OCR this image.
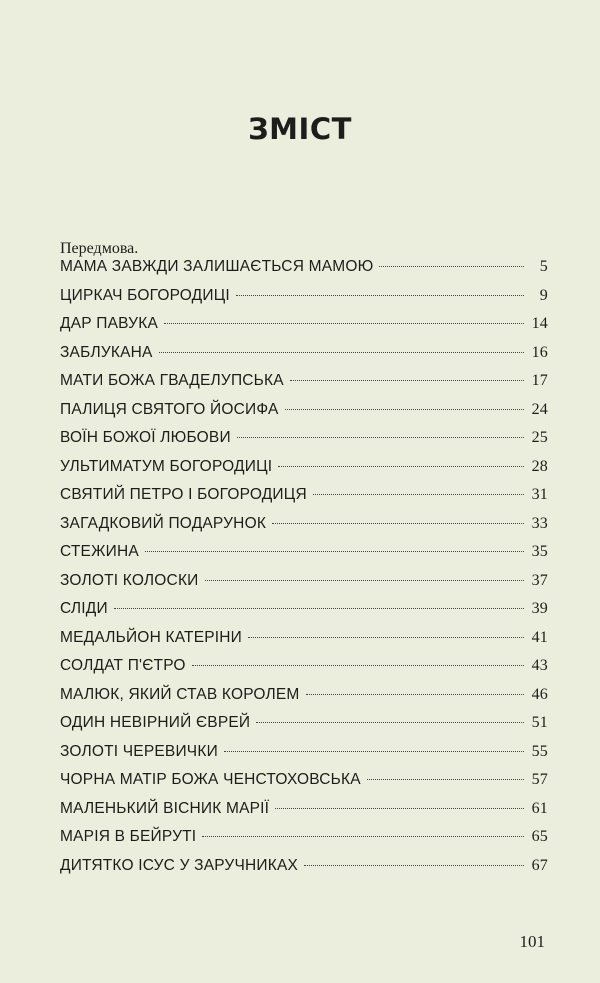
ЗМІСТ
Передмова.
МАМА ЗАВЖДИ ЗАЛИШАЄТЬСЯ МАМОЮ	5
ЦИРКАЧ БОГОРОДИЦІ	9
ДАР ПАВУКА	14
ЗАБЛУКАНА	16
МАТИ БОЖА ГВАДЕЛУПСЬКА	17
ПАЛИЦЯ СВЯТОГО ЙОСИФА	24
ВОЇН БОЖОЇ ЛЮБОВИ	25
УЛЬТИМАТУМ БОГОРОДИЦІ	28
СВЯТИЙ ПЕТРО І БОГОРОДИЦЯ	31
ЗАГАДКОВИЙ ПОДАРУНОК	33
СТЕЖИНА	35
ЗОЛОТІ КОЛОСКИ	37
СЛІДИ	39
МЕДАЛЬЙОН КАТЕРІНИ	41
СОЛДАТ П'ЄТРО	43
МАЛЮК, ЯКИЙ СТАВ КОРОЛЕМ	46
ОДИН НЕВІРНИЙ ЄВРЕЙ	51
ЗОЛОТІ ЧЕРЕВИЧКИ	55
ЧОРНА МАТІР БОЖА ЧЕНСТОХОВСЬКА	57
МАЛЕНЬКИЙ ВІСНИК МАРІЇ	61
МАРІЯ В БЕЙРУТІ	65
ДИТЯТКО ІСУС У ЗАРУЧНИКАХ	67
101
